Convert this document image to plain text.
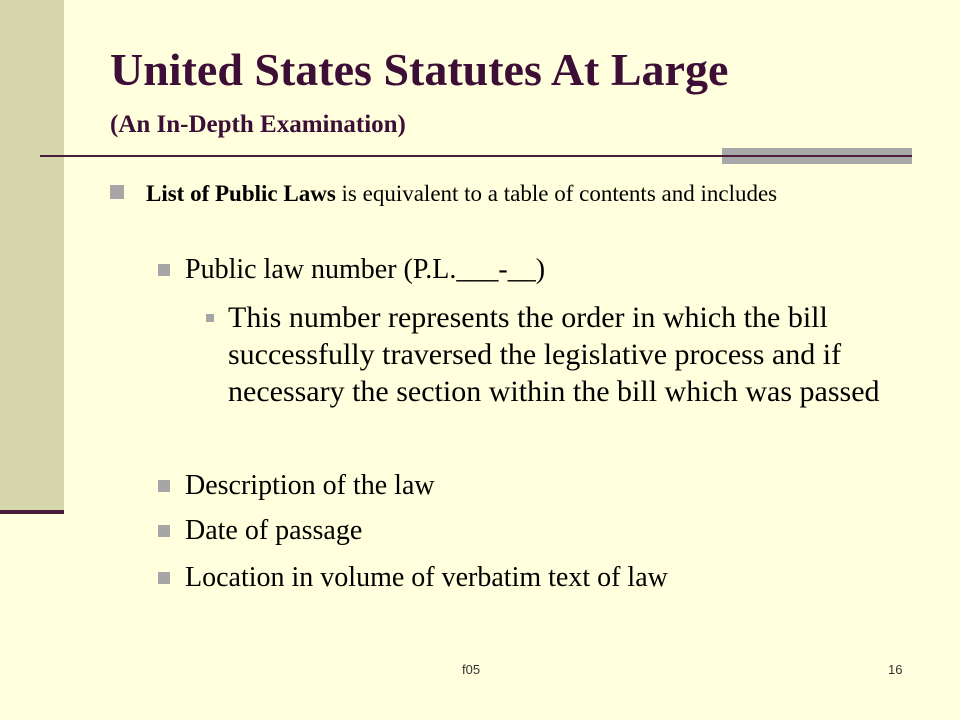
United States Statutes At Large
(An In-Depth Examination)
List of Public Laws is equivalent to a table of contents and includes
Public law number (P.L.___-__)
This number represents the order in which the bill successfully traversed the legislative process and if necessary the section within the bill which was passed
Description of the law
Date of passage
Location in volume of verbatim text of law
f05	16
